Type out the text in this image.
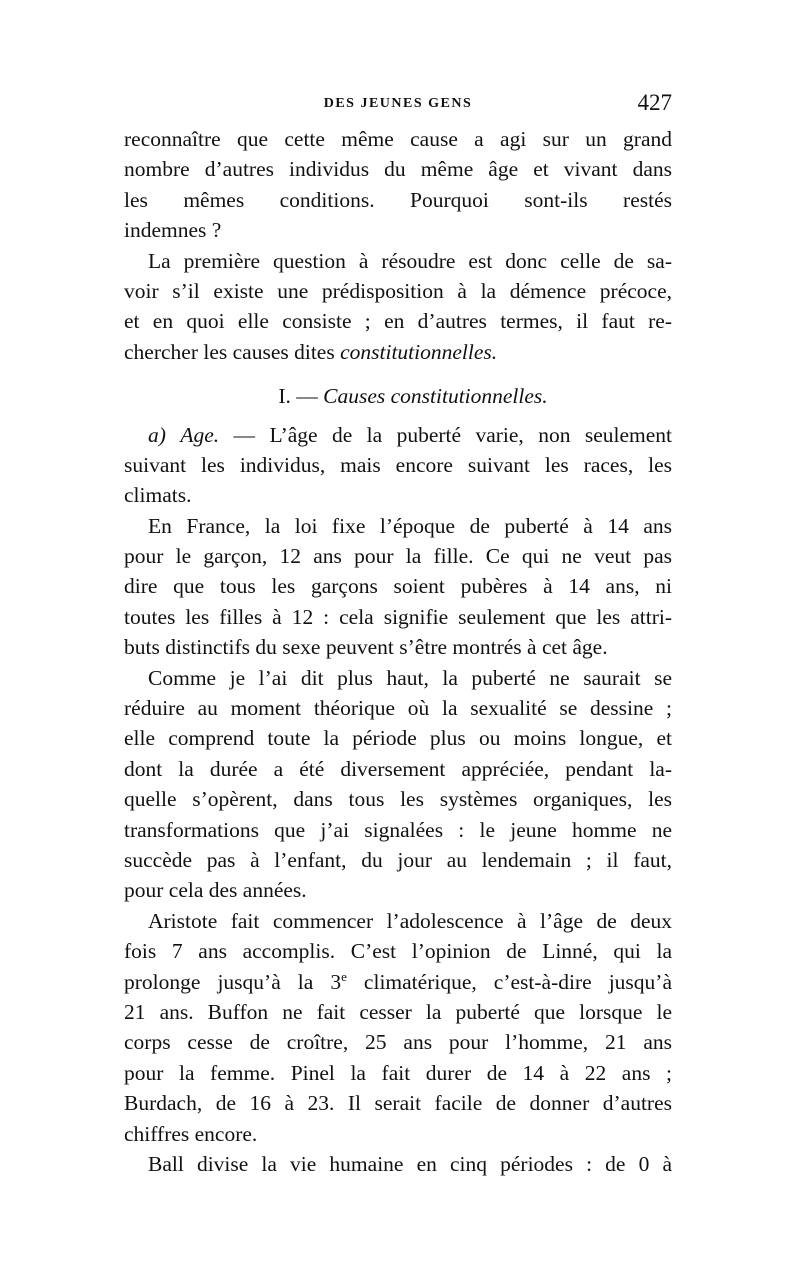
DES JEUNES GENS	427
reconnaître que cette même cause a agi sur un grand
nombre d’autres individus du même âge et vivant dans
les mêmes conditions. Pourquoi sont-ils restés
indemnes ?
La première question à résoudre est donc celle de sa-
voir s’il existe une prédisposition à la démence précoce,
et en quoi elle consiste ; en d’autres termes, il faut re-
chercher les causes dites constitutionnelles.
I. — Causes constitutionnelles.
a) Age. — L’âge de la puberté varie, non seulement
suivant les individus, mais encore suivant les races, les
climats.
En France, la loi fixe l’époque de puberté à 14 ans
pour le garçon, 12 ans pour la fille. Ce qui ne veut pas
dire que tous les garçons soient pubères à 14 ans, ni
toutes les filles à 12 : cela signifie seulement que les attri-
buts distinctifs du sexe peuvent s’être montrés à cet âge.
Comme je l’ai dit plus haut, la puberté ne saurait se
réduire au moment théorique où la sexualité se dessine ;
elle comprend toute la période plus ou moins longue, et
dont la durée a été diversement appréciée, pendant la-
quelle s’opèrent, dans tous les systèmes organiques, les
transformations que j’ai signalées : le jeune homme ne
succède pas à l’enfant, du jour au lendemain ; il faut,
pour cela des années.
Aristote fait commencer l’adolescence à l’âge de deux
fois 7 ans accomplis. C’est l’opinion de Linné, qui la
prolonge jusqu’à la 3e climatérique, c’est-à-dire jusqu’à
21 ans. Buffon ne fait cesser la puberté que lorsque le
corps cesse de croître, 25 ans pour l’homme, 21 ans
pour la femme. Pinel la fait durer de 14 à 22 ans ;
Burdach, de 16 à 23. Il serait facile de donner d’autres
chiffres encore.
Ball divise la vie humaine en cinq périodes : de 0 à
